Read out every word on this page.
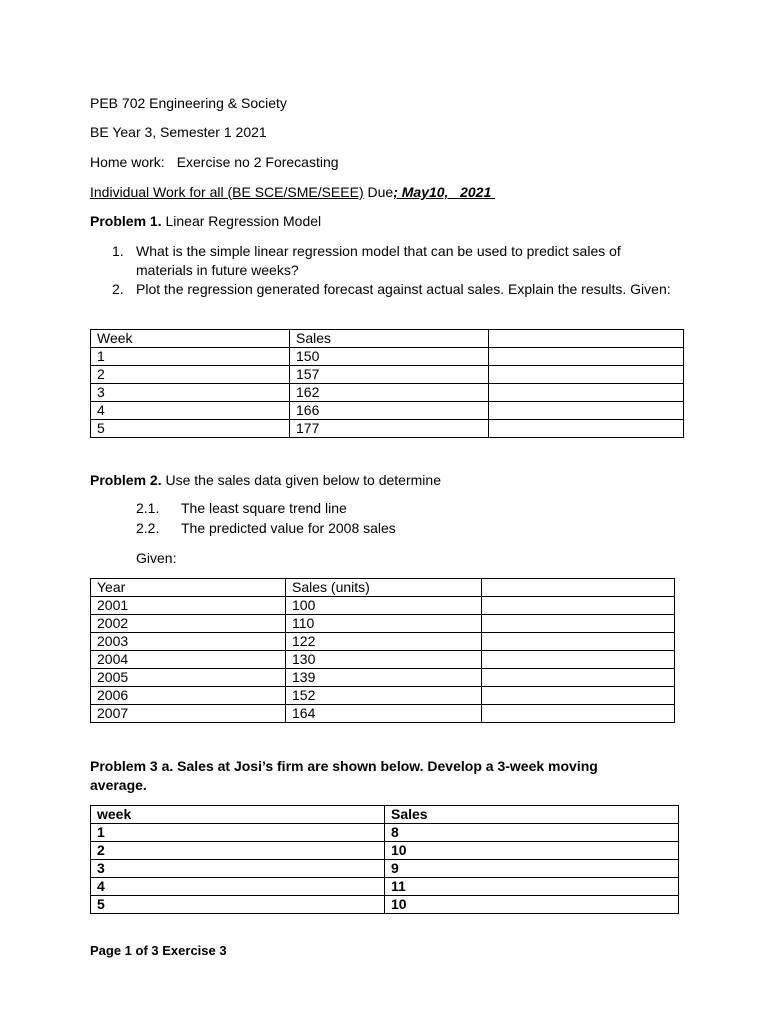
PEB 702 Engineering & Society
BE Year 3, Semester 1 2021
Home work: Exercise no 2 Forecasting
Individual Work for all (BE SCE/SME/SEEE) Due; May10,   2021
Problem 1. Linear Regression Model
1. What is the simple linear regression model that can be used to predict sales of materials in future weeks?
2. Plot the regression generated forecast against actual sales. Explain the results. Given:
Week	Sales	
1	150	
2	157	
3	162	
4	166	
5	177	
Problem 2. Use the sales data given below to determine
2.1. The least square trend line
2.2. The predicted value for 2008 sales
Given:
Year	Sales (units)	
2001	100	
2002	110	
2003	122	
2004	130	
2005	139	
2006	152	
2007	164	
Problem 3 a. Sales at Josi’s firm are shown below. Develop a 3-week moving
average.
week	Sales
1	8
2	10
3	9
4	11
5	10
Page 1 of 3 Exercise 3
